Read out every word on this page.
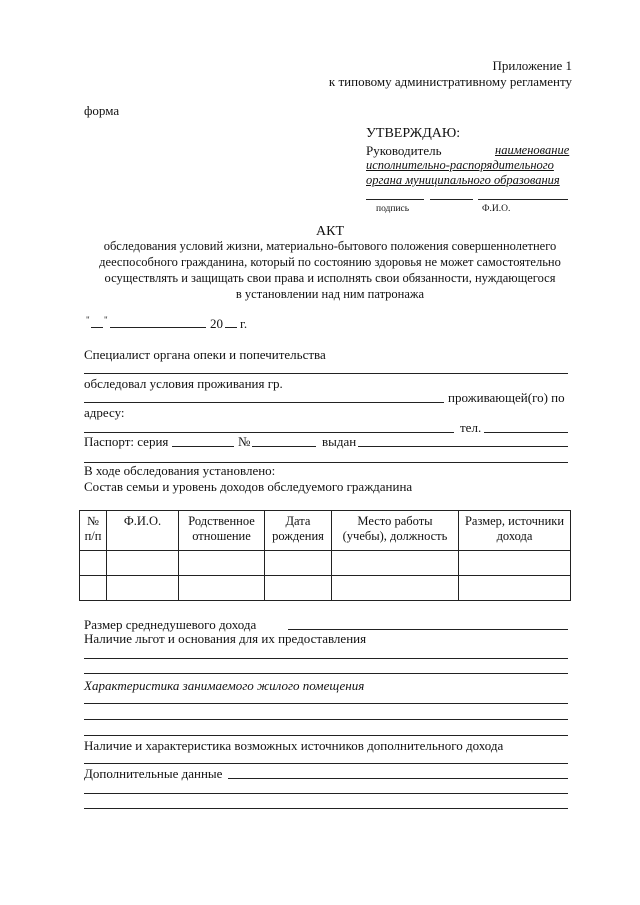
Приложение 1
к типовому административному регламенту
форма
УТВЕРЖДАЮ:
Руководитель	наименование
исполнительно-распорядительного
органа муниципального образования
подпись	Ф.И.О.
АКТ
обследования условий жизни, материально-бытового положения совершеннолетнего
дееспособного гражданина, который по состоянию здоровья не может самостоятельно
осуществлять и защищать свои права и исполнять свои обязанности, нуждающегося
в установлении над ним патронажа
" "	20 г.
Специалист органа опеки и попечительства
обследовал условия проживания гр.
проживающей(го) по
адресу:
тел.
Паспорт: серия	№	выдан
В ходе обследования установлено:
Состав семьи и уровень доходов обследуемого гражданина
№ п/п	Ф.И.О.	Родственное отношение	Дата рождения	Место работы (учебы), должность	Размер, источники дохода

Размер среднедушевого дохода
Наличие льгот и основания для их предоставления
Характеристика занимаемого жилого помещения
Наличие и характеристика возможных источников дополнительного дохода
Дополнительные данные
